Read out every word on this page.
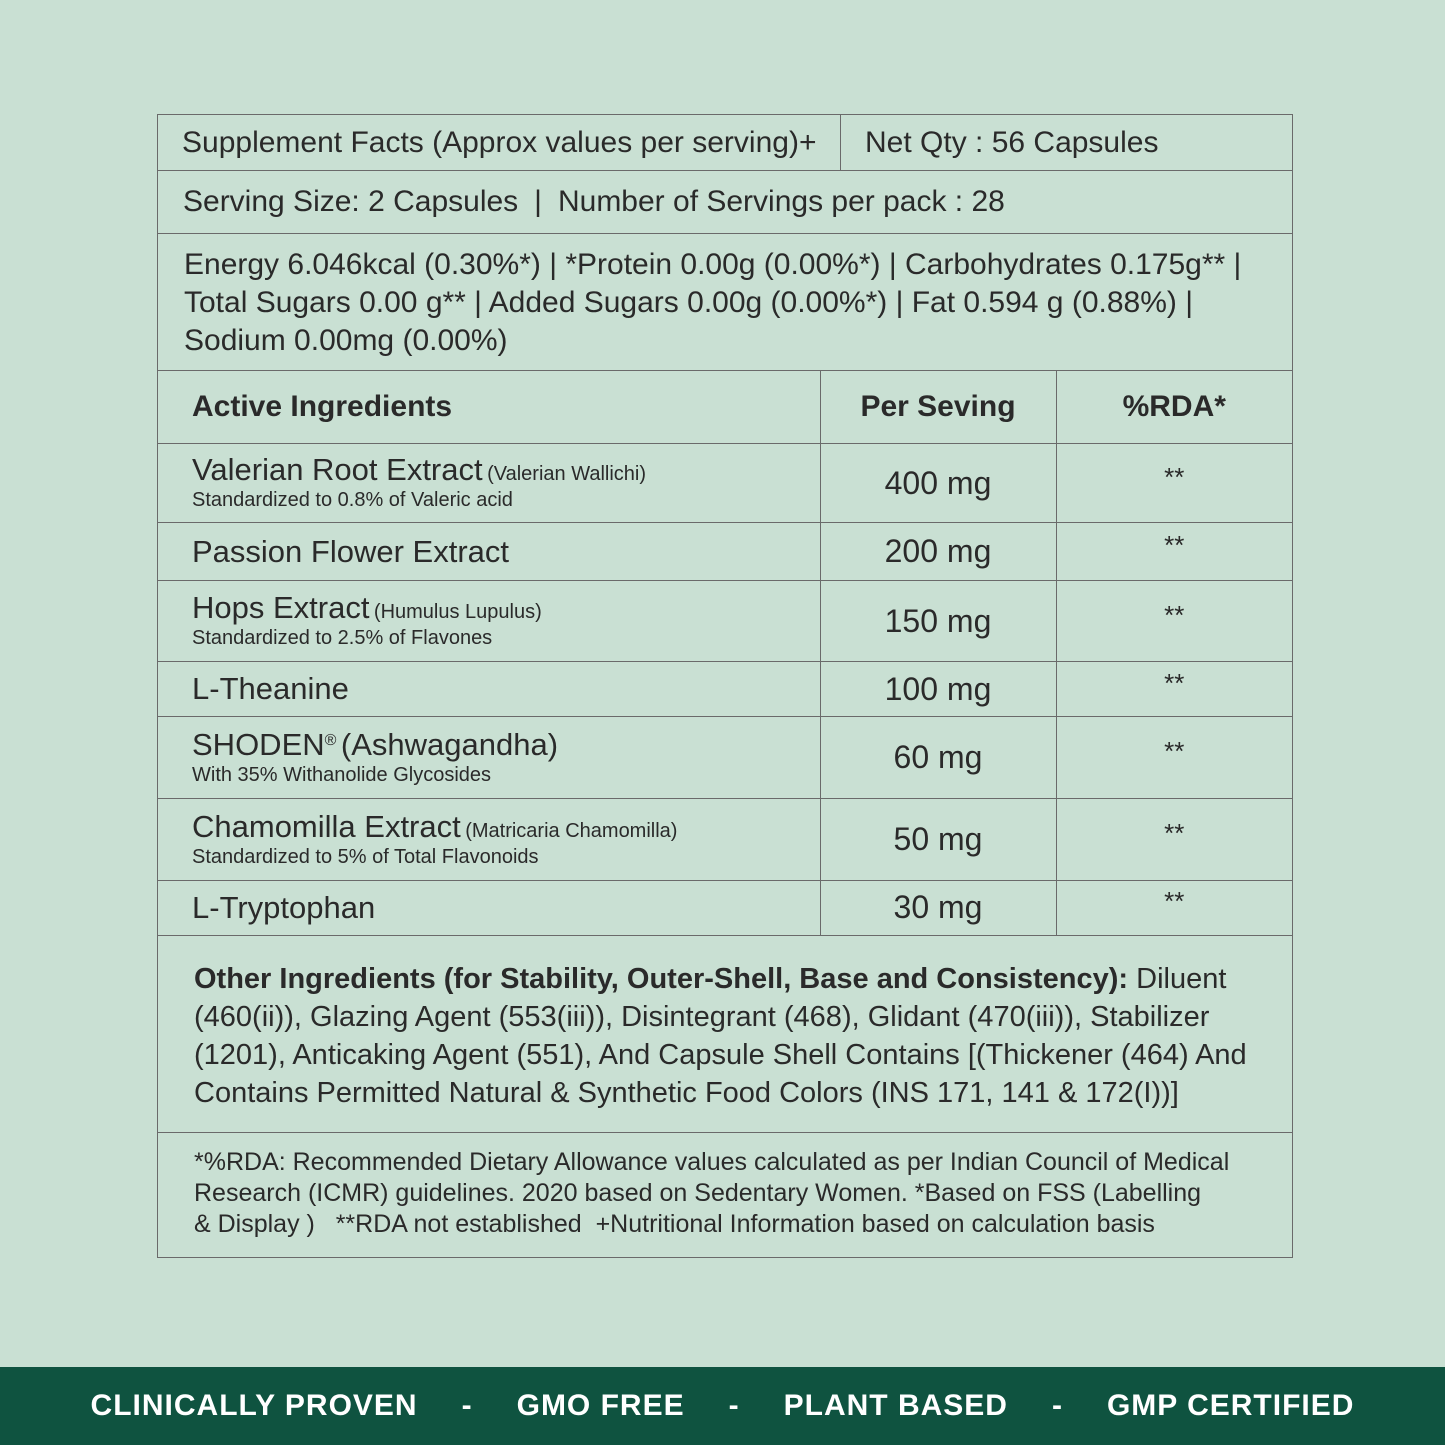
Supplement Facts (Approx values per serving)+	Net Qty : 56 Capsules
Serving Size: 2 Capsules | Number of Servings per pack : 28
Energy 6.046kcal (0.30%*) | *Protein 0.00g (0.00%*) | Carbohydrates 0.175g** |
Total Sugars 0.00 g** | Added Sugars 0.00g (0.00%*) | Fat 0.594 g (0.88%) |
Sodium 0.00mg (0.00%)
Active Ingredients	Per Seving	%RDA*

Valerian Root Extract (Valerian Wallichi)
Standardized to 0.8% of Valeric acid	400 mg	**
Passion Flower Extract	200 mg	**

Hops Extract (Humulus Lupulus)
Standardized to 2.5% of Flavones	150 mg	**
L-Theanine	100 mg	**

SHODEN® (Ashwagandha)
With 35% Withanolide Glycosides	60 mg	**

Chamomilla Extract (Matricaria Chamomilla)
Standardized to 5% of Total Flavonoids	50 mg	**
L-Tryptophan	30 mg	**
Other Ingredients (for Stability, Outer-Shell, Base and Consistency): Diluent (460(ii)), Glazing Agent (553(iii)), Disintegrant (468), Glidant (470(iii)), Stabilizer (1201), Anticaking Agent (551), And Capsule Shell Contains [(Thickener (464) And Contains Permitted Natural & Synthetic Food Colors (INS 171, 141 & 172(I))]
*%RDA: Recommended Dietary Allowance values calculated as per Indian Council of Medical
Research (ICMR) guidelines. 2020 based on Sedentary Women. *Based on FSS (Labelling
& Display )   **RDA not established  +Nutritional Information based on calculation basis
CLINICALLY PROVEN - GMO FREE - PLANT BASED - GMP CERTIFIED
